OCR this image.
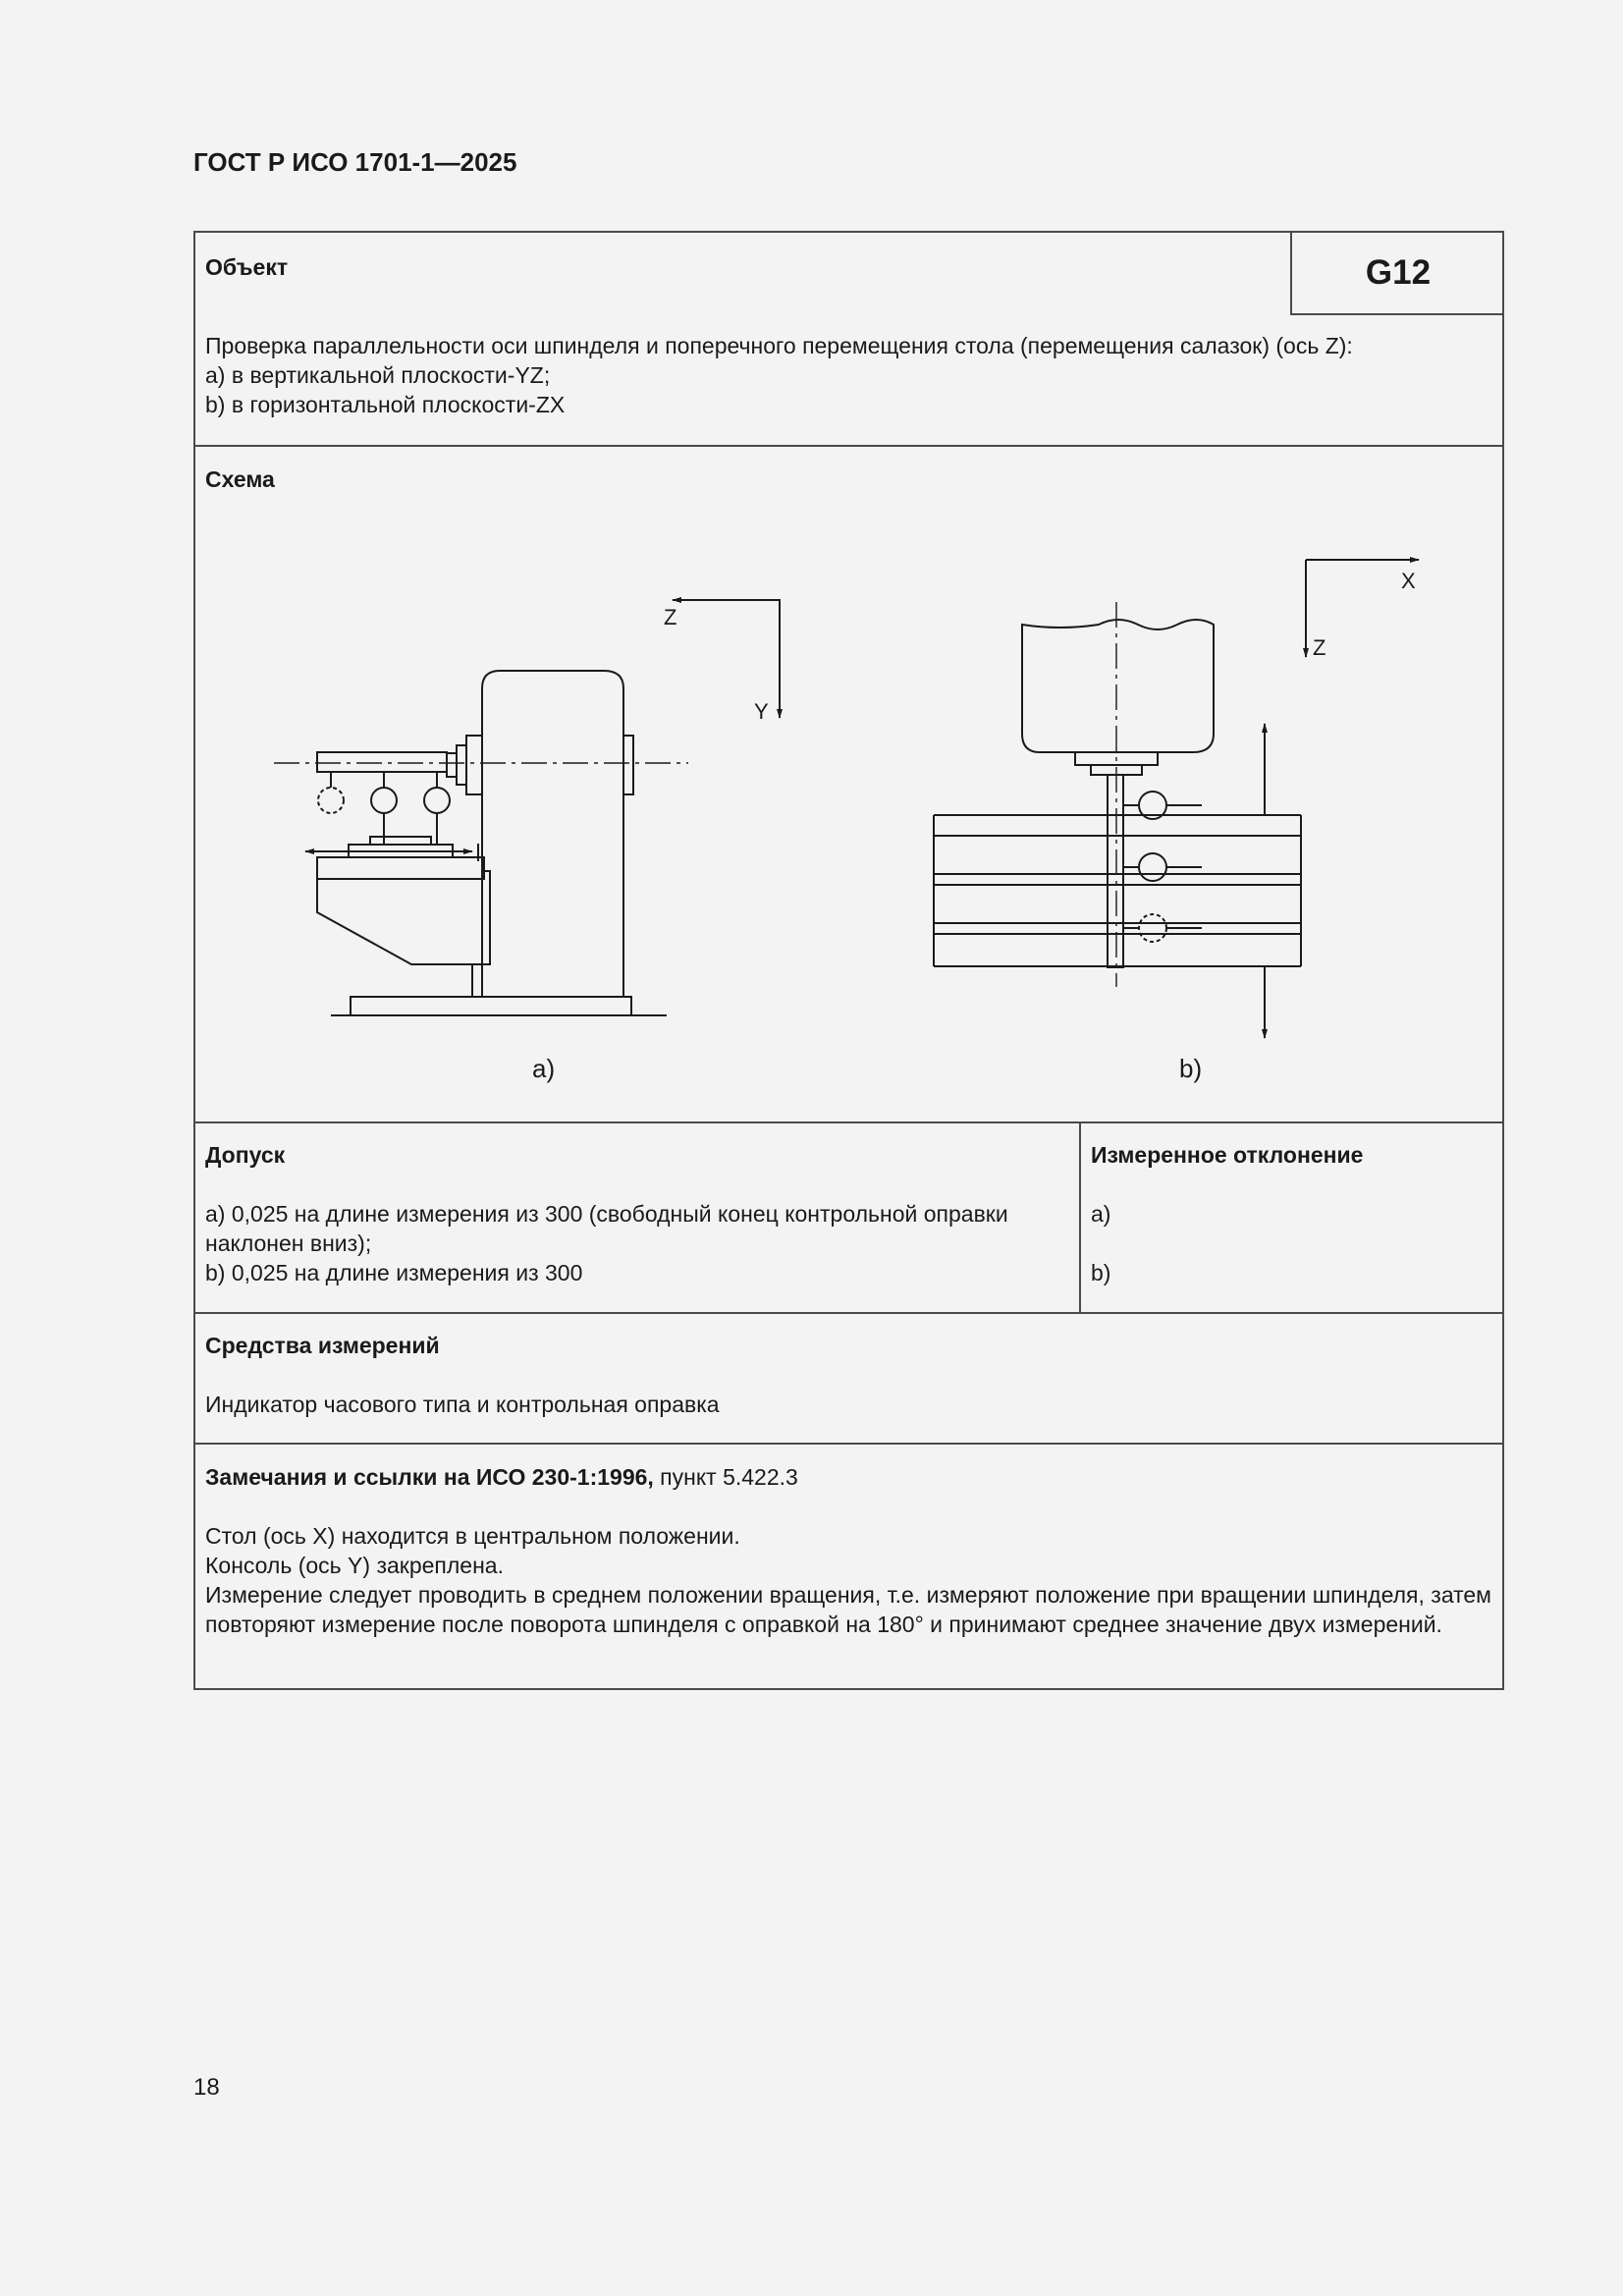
ГОСТ Р ИСО 1701-1—2025
Объект	G12
Проверка параллельности оси шпинделя и поперечного перемещения стола (перемещения салазок) (ось Z):
а) в вертикальной плоскости-YZ;
b) в горизонтальной плоскости-ZX
Схема
Z
Y
X
Z
a)	b)
Допуск
а) 0,025 на длине измерения из 300 (свободный конец контрольной оправки
наклонен вниз);
b) 0,025 на длине измерения из 300
Измеренное отклонение
а)
b)
Средства измерений
Индикатор часового типа и контрольная оправка
Замечания и ссылки на ИСО 230-1:1996, пункт 5.422.3
Стол (ось X) находится в центральном положении.
Консоль (ось Y) закреплена.
Измерение следует проводить в среднем положении вращения, т.е. измеряют положение при вращении шпинделя, затем повторяют измерение после поворота шпинделя с оправкой на 180° и принимают среднее значение двух измерений.
18
